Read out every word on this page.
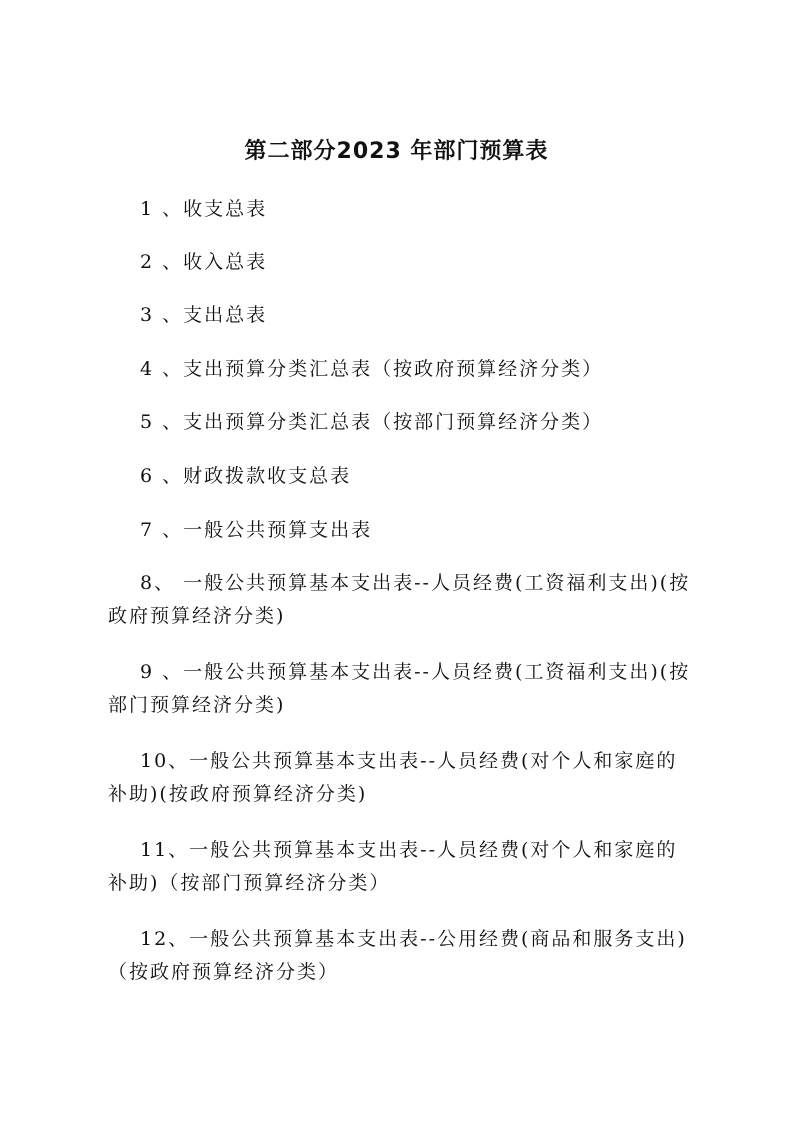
第二部分2023 年部门预算表
1 、收支总表
2 、收入总表
3 、支出总表
4 、支出预算分类汇总表（按政府预算经济分类）
5 、支出预算分类汇总表（按部门预算经济分类）
6 、财政拨款收支总表
7 、一般公共预算支出表
8、 一般公共预算基本支出表--人员经费(工资福利支出)(按政府预算经济分类)
9 、一般公共预算基本支出表--人员经费(工资福利支出)(按部门预算经济分类)
10、一般公共预算基本支出表--人员经费(对个人和家庭的补助)(按政府预算经济分类)
11、一般公共预算基本支出表--人员经费(对个人和家庭的补助)（按部门预算经济分类）
12、一般公共预算基本支出表--公用经费(商品和服务支出)（按政府预算经济分类）
